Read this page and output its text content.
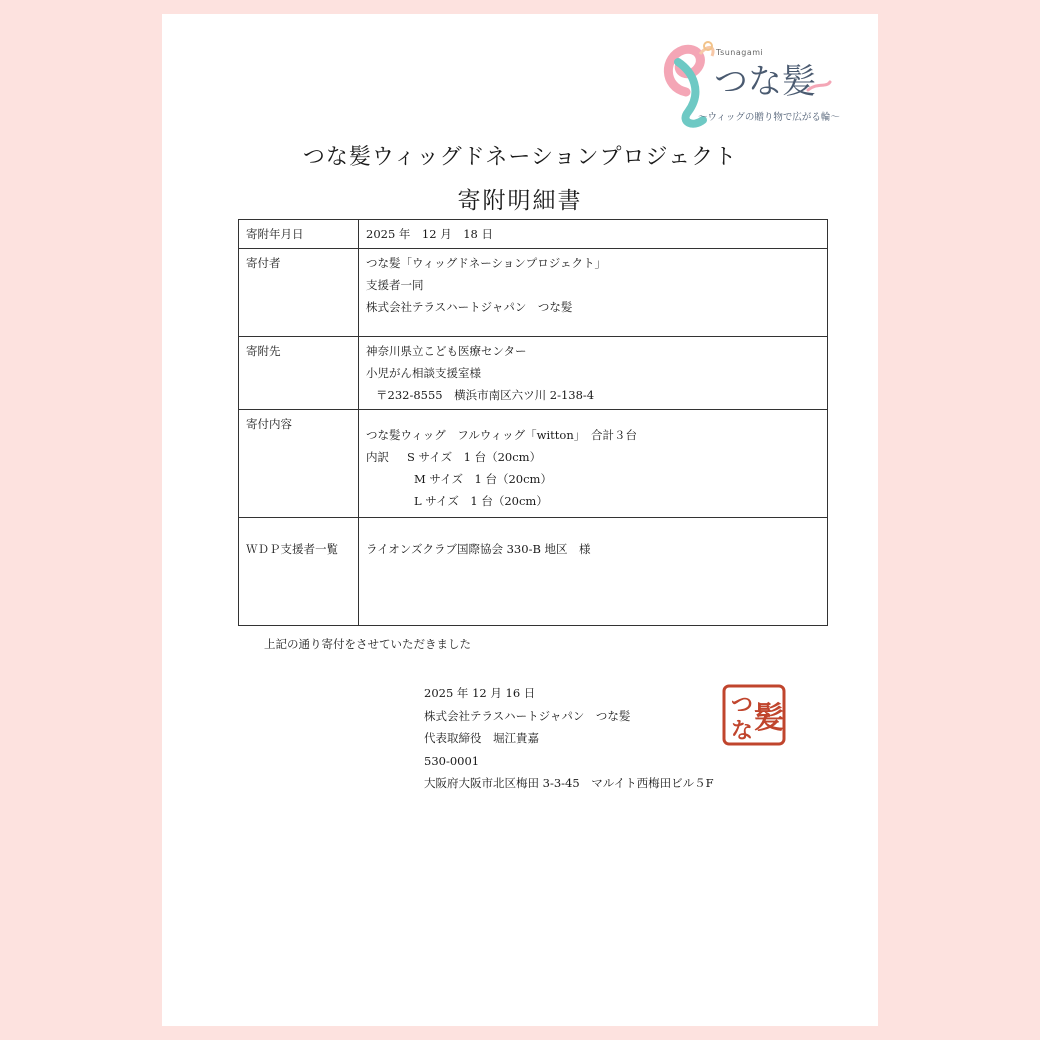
Tsunagami
つな髪
～ウィッグの贈り物で広がる輪～
つな髪ウィッグドネーションプロジェクト
寄附明細書
寄附年月日	2025 年　12 月　18 日
寄付者	つな髪「ウィッグドネーションプロジェクト」
支援者一同
株式会社テラスハートジャパン　つな髪

寄附先	神奈川県立こども医療センター
小児がん相談支援室様
〒232-8555　横浜市南区六ツ川 2-138-4

寄付内容	つな髪ウィッグ　フルウィッグ「witton」　合計３台
内訳 S サイズ　1 台（20cm）
M サイズ　1 台（20cm）
L サイズ　1 台（20cm）

ＷＤＰ支援者一覧	ライオンズクラブ国際協会 330-B 地区　様
上記の通り寄付をさせていただきました
2025 年 12 月 16 日
株式会社テラスハートジャパン　つな髪
代表取締役　堀江貴嘉
530-0001
大阪府大阪市北区梅田 3-3-45　マルイト西梅田ビル５F
つ
な 髪
